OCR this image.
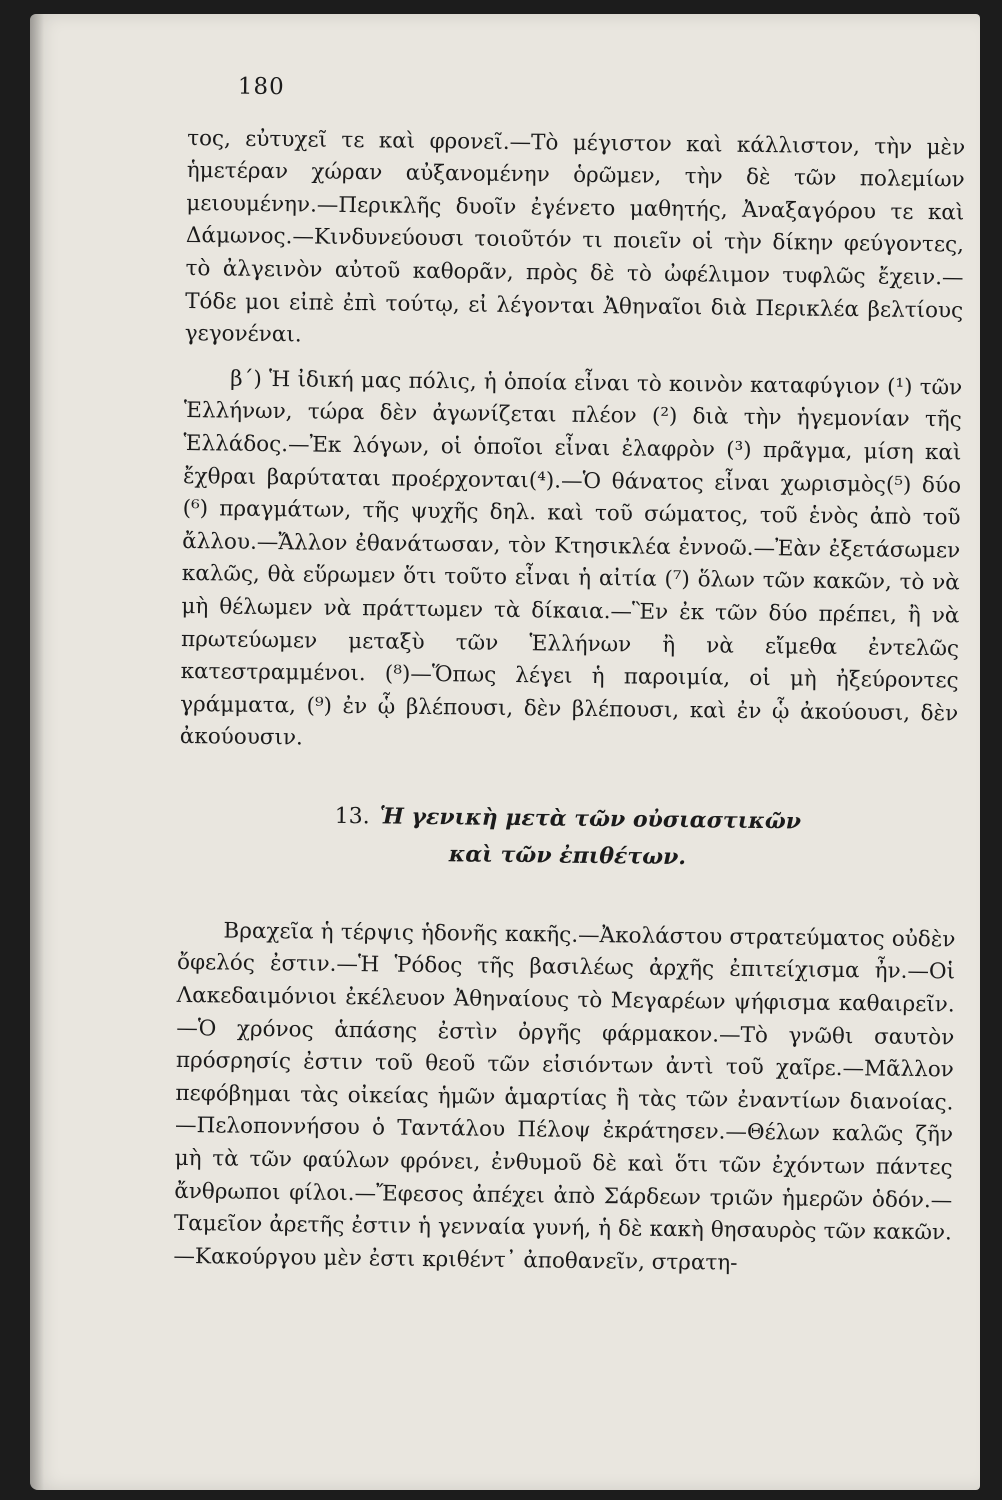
180

τος, εὐτυχεῖ τε καὶ φρονεῖ.—Τὸ μέγιστον καὶ κάλλιστον, τὴν μὲν ἡμετέραν χώραν αὐξανομένην ὁρῶμεν, τὴν δὲ τῶν πολεμίων μειουμένην.—Περικλῆς δυοῖν ἐγένετο μαθητής, Ἀναξαγόρου τε καὶ Δάμωνος.—Κινδυνεύουσι τοιοῦτόν τι ποιεῖν οἱ τὴν δίκην φεύγοντες, τὸ ἀλγεινὸν αὐτοῦ καθορᾶν, πρὸς δὲ τὸ ὠφέλιμον τυφλῶς ἔχειν.—Τόδε μοι εἰπὲ ἐπὶ τούτῳ, εἰ λέγονται Ἀθηναῖοι διὰ Περικλέα βελτίους γεγονέναι.

β΄) Ἡ ἰδική μας πόλις, ἡ ὁποία εἶναι τὸ κοινὸν καταφύγιον (¹) τῶν Ἑλλήνων, τώρα δὲν ἀγωνίζεται πλέον (²) διὰ τὴν ἡγεμονίαν τῆς Ἑλλάδος.—Ἐκ λόγων, οἱ ὁποῖοι εἶναι ἐλαφρὸν (³) πρᾶγμα, μίση καὶ ἔχθραι βαρύταται προέρχονται(⁴).—Ὁ θάνατος εἶναι χωρισμὸς(⁵) δύο (⁶) πραγμάτων, τῆς ψυχῆς δηλ. καὶ τοῦ σώματος, τοῦ ἑνὸς ἀπὸ τοῦ ἄλλου.—Ἄλλον ἐθανάτωσαν, τὸν Κτησικλέα ἐννοῶ.—Ἐὰν ἐξετάσωμεν καλῶς, θὰ εὕρωμεν ὅτι τοῦτο εἶναι ἡ αἰτία (⁷) ὅλων τῶν κακῶν, τὸ νὰ μὴ θέλωμεν νὰ πράττωμεν τὰ δίκαια.—Ἓν ἐκ τῶν δύο πρέπει, ἢ νὰ πρωτεύωμεν μεταξὺ τῶν Ἑλλήνων ἢ νὰ εἴμεθα ἐντελῶς κατεστραμμένοι. (⁸)—Ὅπως λέγει ἡ παροιμία, οἱ μὴ ἠξεύροντες γράμματα, (⁹) ἐν ᾧ βλέπουσι, δὲν βλέπουσι, καὶ ἐν ᾧ ἀκούουσι, δὲν ἀκούουσιν.

13. Ἡ γενικὴ μετὰ τῶν οὐσιαστικῶν
καὶ τῶν ἐπιθέτων.

Βραχεῖα ἡ τέρψις ἡδονῆς κακῆς.—Ἀκολάστου στρατεύματος οὐδὲν ὄφελός ἐστιν.—Ἡ Ῥόδος τῆς βασιλέως ἀρχῆς ἐπιτείχισμα ἦν.—Οἱ Λακεδαιμόνιοι ἐκέλευον Ἀθηναίους τὸ Μεγαρέων ψήφισμα καθαιρεῖν.—Ὁ χρόνος ἁπάσης ἐστὶν ὀργῆς φάρμακον.—Τὸ γνῶθι σαυτὸν πρόσρησίς ἐστιν τοῦ θεοῦ τῶν εἰσιόντων ἀντὶ τοῦ χαῖρε.—Μᾶλλον πεφόβημαι τὰς οἰκείας ἡμῶν ἁμαρτίας ἢ τὰς τῶν ἐναντίων διανοίας.—Πελοποννήσου ὁ Ταντάλου Πέλοψ ἐκράτησεν.—Θέλων καλῶς ζῆν μὴ τὰ τῶν φαύλων φρόνει, ἐνθυμοῦ δὲ καὶ ὅτι τῶν ἐχόντων πάντες ἄνθρωποι φίλοι.—Ἔφεσος ἀπέχει ἀπὸ Σάρδεων τριῶν ἡμερῶν ὁδόν.—Ταμεῖον ἀρετῆς ἐστιν ἡ γενναία γυνή, ἡ δὲ κακὴ θησαυρὸς τῶν κακῶν.—Κακούργου μὲν ἐστι κριθέντ᾽ ἀποθανεῖν, στρατη-
